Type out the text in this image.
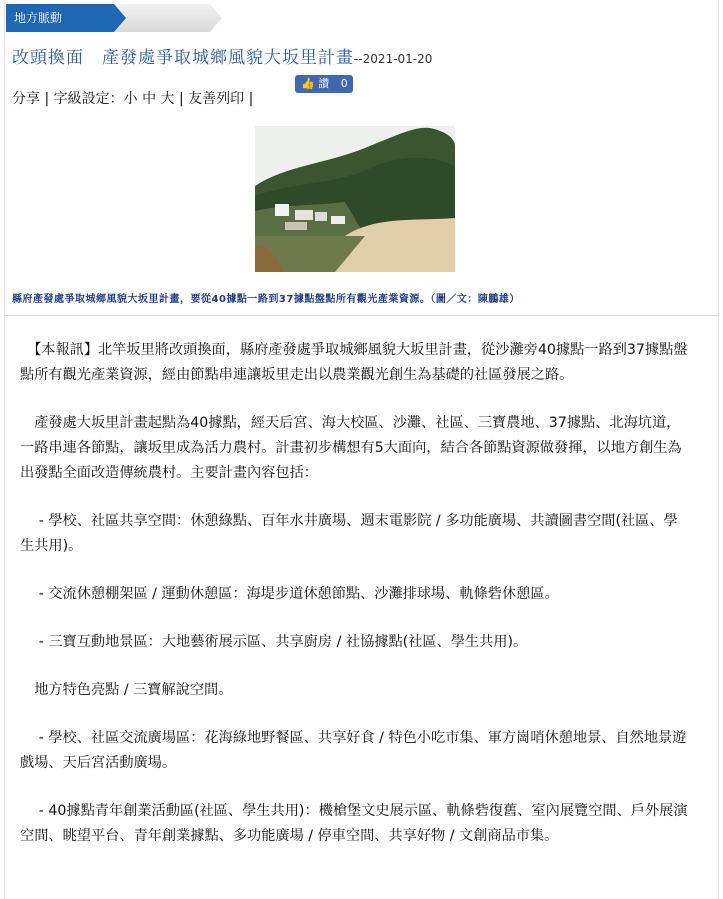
地方脈動
改頭換面　產發處爭取城鄉風貌大坂里計畫--2021-01-20
👍 讚 0
分享 | 字級設定：小 中 大 | 友善列印 |
縣府產發處爭取城鄉風貌大坂里計畫，要從40據點一路到37據點盤點所有觀光產業資源。（圖／文：陳鵬雄）

　【本報訊】北竿坂里將改頭換面，縣府產發處爭取城鄉風貌大坂里計畫，從沙灘旁40據點一路到37據點盤點所有觀光產業資源，經由節點串連讓坂里走出以農業觀光創生為基礎的社區發展之路。

　產發處大坂里計畫起點為40據點，經天后宮、海大校區、沙灘、社區、三寶農地、37據點、北海坑道，一路串連各節點，讓坂里成為活力農村。計畫初步構想有5大面向，結合各節點資源做發揮，以地方創生為出發點全面改造傳統農村。主要計畫內容包括：

　 - 學校、社區共享空間：休憩綠點、百年水井廣場、週末電影院 / 多功能廣場、共讀圖書空間(社區、學生共用)。

　 - 交流休憩棚架區 / 運動休憩區：海堤步道休憩節點、沙灘排球場、軌條砦休憩區。

　 - 三寶互動地景區：大地藝術展示區、共享廚房 / 社協據點(社區、學生共用)。

　地方特色亮點 / 三寶解說空間。

　 - 學校、社區交流廣場區：花海綠地野餐區、共享好食 / 特色小吃市集、軍方崗哨休憩地景、自然地景遊戲場、天后宮活動廣場。

　 - 40據點青年創業活動區(社區、學生共用)：機槍堡文史展示區、軌條砦復舊、室內展覽空間、戶外展演空間、眺望平台、青年創業據點、多功能廣場 / 停車空間、共享好物 / 文創商品市集。
